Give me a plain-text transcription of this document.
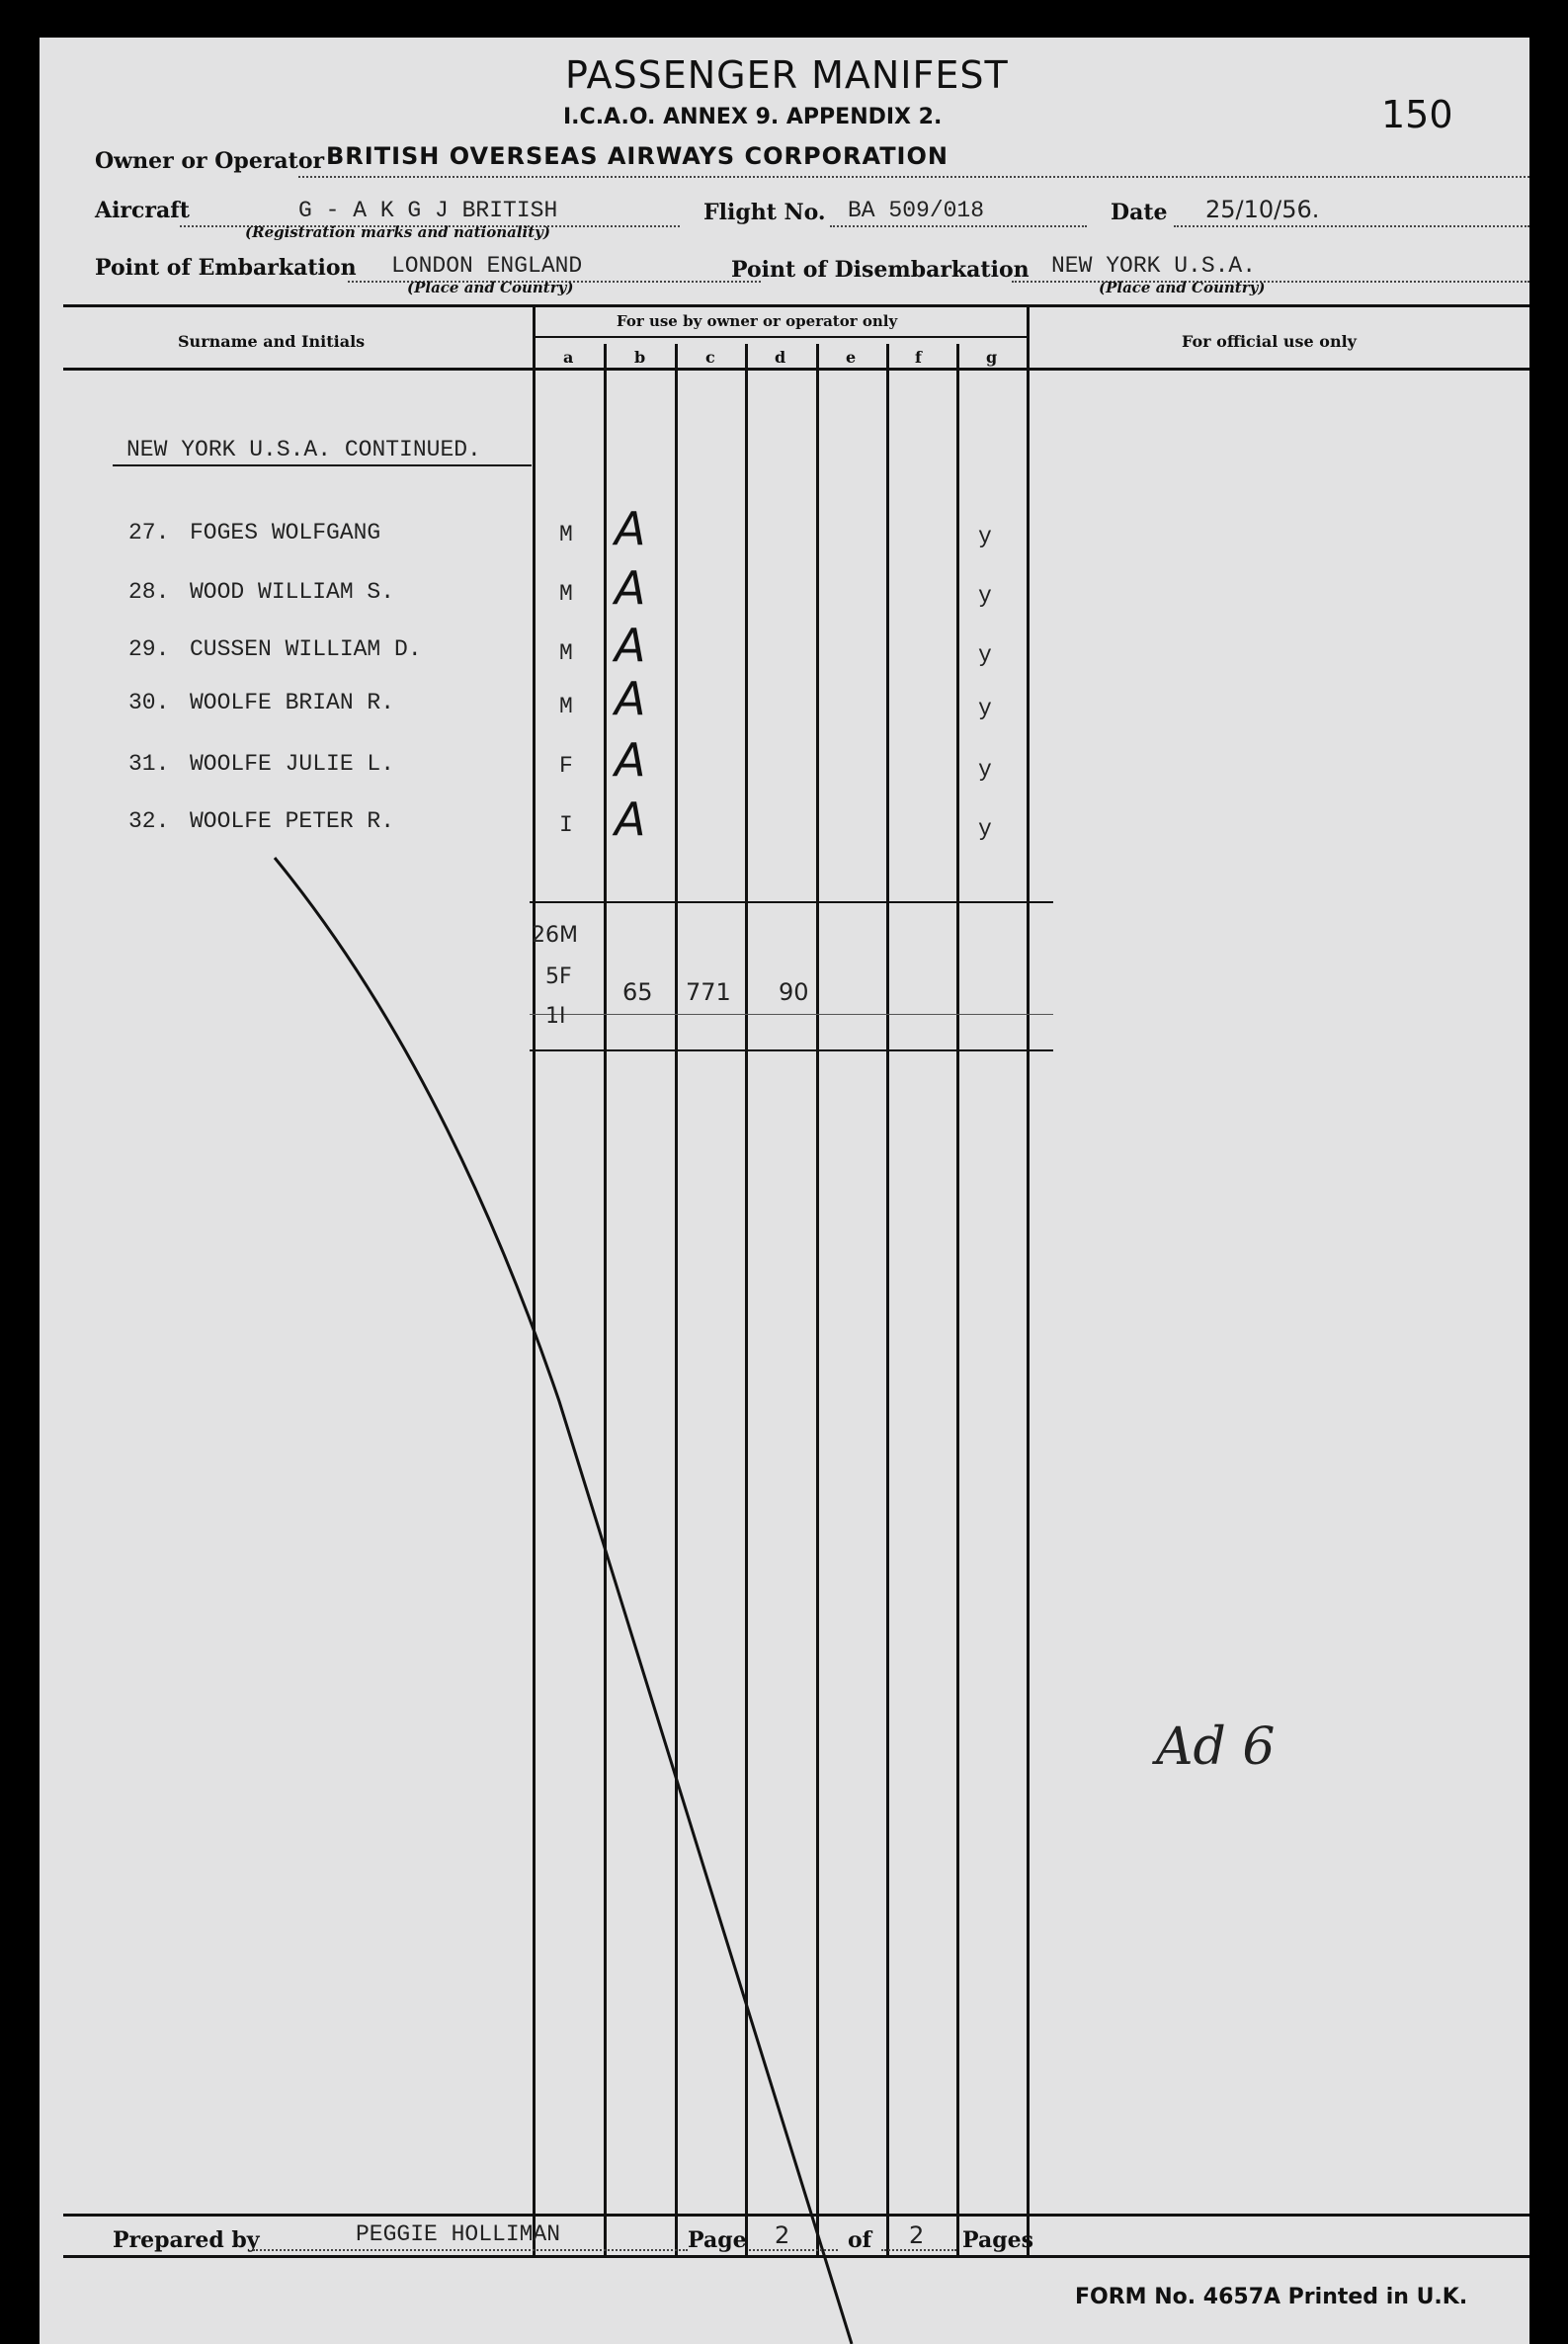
PASSENGER MANIFEST
I.C.A.O. ANNEX 9. APPENDIX 2.	150
Owner or Operator BRITISH OVERSEAS AIRWAYS CORPORATION
Aircraft	G - A K G J BRITISH
(Registration marks and nationality)
Flight No. BA 509/018	Date 25/10/56.
Point of Embarkation LONDON ENGLAND
(Place and Country)
Point of Disembarkation NEW YORK U.S.A.
(Place and Country)
Surname and Initials
For use by owner or operator only
For official use only
a	b	c	d	e	f	g
NEW YORK U.S.A. CONTINUED.
27. FOGES WOLFGANG	M A	y
28. WOOD WILLIAM S.	M A	y
29. CUSSEN WILLIAM D.	M A	y
30. WOOLFE BRIAN R.	M A	y
31. WOOLFE JULIE L.	F A	y
32. WOOLFE PETER R.	I A	y
26M
5F
1I
65 771 90
Ad 6
Prepared by	PEGGIE HOLLIMAN	Page 2	of 2 Pages
FORM No. 4657A Printed in U.K.
